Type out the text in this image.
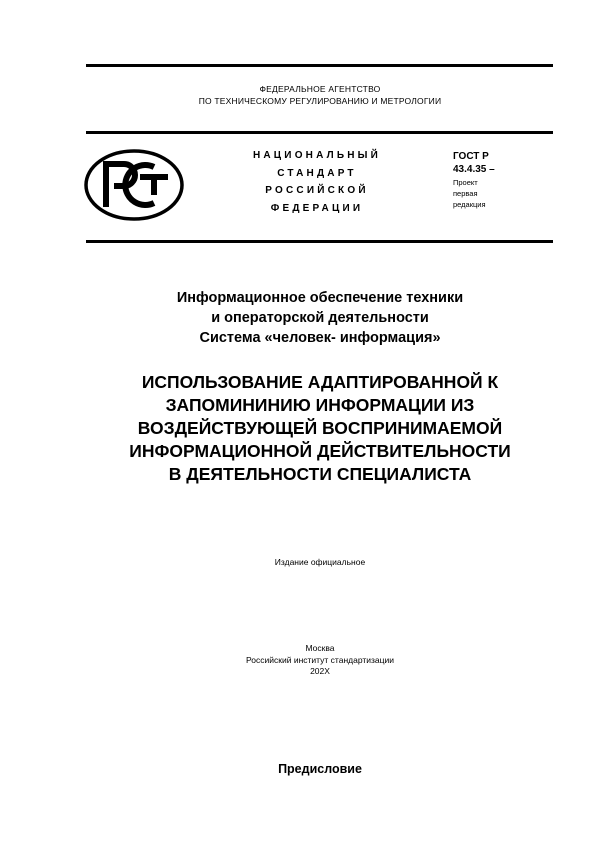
ФЕДЕРАЛЬНОЕ АГЕНТСТВО
ПО ТЕХНИЧЕСКОМУ РЕГУЛИРОВАНИЮ И МЕТРОЛОГИИ
НАЦИОНАЛЬНЫЙ
СТАНДАРТ
РОССИЙСКОЙ
ФЕДЕРАЦИИ
ГОСТ Р
43.4.35 –
Проект
первая
редакция
Информационное обеспечение техники
и операторской деятельности
Система «человек- информация»
ИСПОЛЬЗОВАНИЕ АДАПТИРОВАННОЙ К
ЗАПОМИНИНИЮ ИНФОРМАЦИИ ИЗ
ВОЗДЕЙСТВУЮЩЕЙ ВОСПРИНИМАЕМОЙ
ИНФОРМАЦИОННОЙ ДЕЙСТВИТЕЛЬНОСТИ
В ДЕЯТЕЛЬНОСТИ СПЕЦИАЛИСТА
Издание официальное
Москва
Российский институт стандартизации
202Х
Предисловие
